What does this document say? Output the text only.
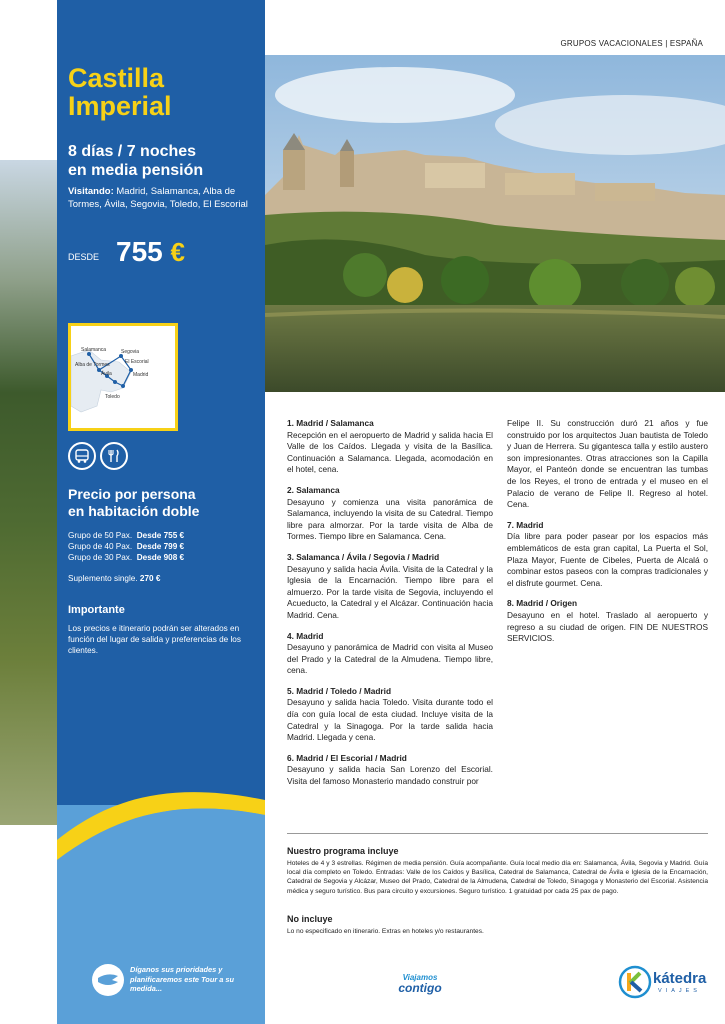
Castilla
Imperial
8 días / 7 noches
en media pensión
Visitando: Madrid, Salamanca, Alba de Tormes, Ávila, Segovia, Toledo, El Escorial
DESDE 755 €
Salamanca	Segovia
Alba de Tormes	El Escorial
Ávila	Madrid
Toledo
Precio por persona
en habitación doble
Grupo de 50 Pax. Desde 755 €
Grupo de 40 Pax. Desde 799 €
Grupo de 30 Pax. Desde 908 €
Suplemento single. 270 €
Importante
Los precios e itinerario podrán ser alterados en función del lugar de salida y preferencias de los clientes.
Díganos sus prioridades y planificaremos este Tour a su medida...
GRUPOS VACACIONALES | ESPAÑA
1. Madrid / Salamanca
Recepción en el aeropuerto de Madrid y salida hacia El Valle de los Caídos. Llegada y visita de la Basílica. Continuación a Salamanca. Llegada, acomodación en el hotel, cena.
2. Salamanca
Desayuno y comienza una visita panorámica de Salamanca, incluyendo la visita de su Catedral. Tiempo libre para almorzar. Por la tarde visita de Alba de Tormes. Tiempo libre en Salamanca. Cena.
3. Salamanca / Ávila / Segovia / Madrid
Desayuno y salida hacia Ávila. Visita de la Catedral y la Iglesia de la Encarnación. Tiempo libre para el almuerzo. Por la tarde visita de Segovia, incluyendo el Acueducto, la Catedral y el Alcázar. Continuación hacia Madrid. Cena.
4. Madrid
Desayuno y panorámica de Madrid con visita al Museo del Prado y la Catedral de la Almudena. Tiempo libre, cena.
5. Madrid / Toledo / Madrid
Desayuno y salida hacia Toledo. Visita durante todo el día con guía local de esta ciudad. Incluye visita de la Catedral y la Sinagoga. Por la tarde salida hacia Madrid. Llegada y cena.
6. Madrid / El Escorial / Madrid
Desayuno y salida hacia San Lorenzo del Escorial. Visita del famoso Monasterio mandado construir por
Felipe II. Su construcción duró 21 años y fue construido por los arquitectos Juan bautista de Toledo y Juan de Herrera. Su gigantesca talla y estilo austero son impresionantes. Otras atracciones son la Capilla Mayor, el Panteón donde se encuentran las tumbas de los Reyes, el trono de entrada y el museo en el Palacio de verano de Felipe II. Regreso al hotel. Cena.
7. Madrid
Día libre para poder pasear por los espacios más emblemáticos de esta gran capital, La Puerta el Sol, Plaza Mayor, Fuente de Cibeles, Puerta de Alcalá o combinar estos paseos con la compras tradicionales y el disfrute gourmet. Cena.
8. Madrid / Origen
Desayuno en el hotel. Traslado al aeropuerto y regreso a su ciudad de origen. FIN DE NUESTROS SERVICIOS.
Nuestro programa incluye
Hoteles de 4 y 3 estrellas. Régimen de media pensión. Guía acompañante. Guía local medio día en: Salamanca, Ávila, Segovia y Madrid. Guía local día completo en Toledo. Entradas: Valle de los Caídos y Basílica, Catedral de Salamanca, Catedral de Ávila e Iglesia de la Encarnación, Catedral de Segovia y Alcázar, Museo del Prado, Catedral de la Almudena, Catedral de Toledo, Sinagoga y Monasterio del Escorial. Asistencia médica y seguro turístico. Bus para circuito y excursiones. Seguro turístico. 1 gratuidad por cada 25 pax de pago.
No incluye
Lo no especificado en itinerario. Extras en hoteles y/o restaurantes.
Viajamos
contigo
kátedra
VIAJES
